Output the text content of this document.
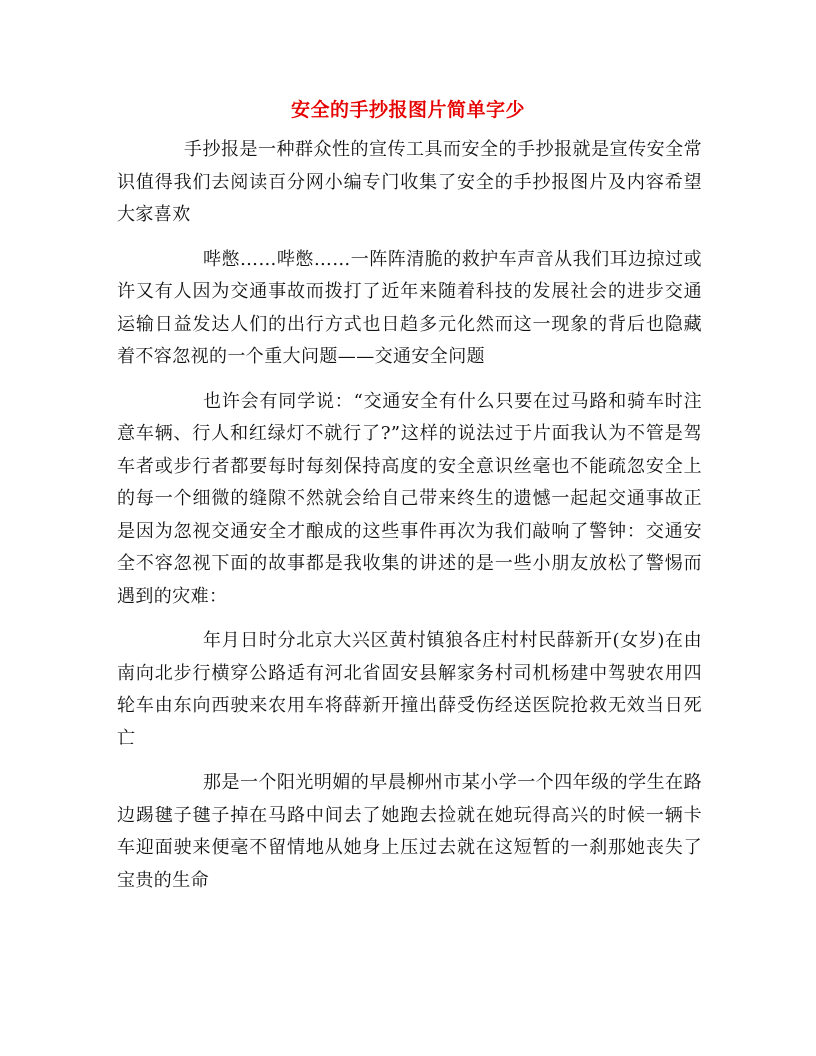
安全的手抄报图片简单字少

手抄报是一种群众性的宣传工具而安全的手抄报就是宣传安全常识值得我们去阅读百分网小编专门收集了安全的手抄报图片及内容希望大家喜欢

哔憋……哔憋……一阵阵清脆的救护车声音从我们耳边掠过或许又有人因为交通事故而拨打了近年来随着科技的发展社会的进步交通运输日益发达人们的出行方式也日趋多元化然而这一现象的背后也隐藏着不容忽视的一个重大问题——交通安全问题

也许会有同学说：“交通安全有什么只要在过马路和骑车时注意车辆、行人和红绿灯不就行了?”这样的说法过于片面我认为不管是驾车者或步行者都要每时每刻保持高度的安全意识丝毫也不能疏忽安全上的每一个细微的缝隙不然就会给自己带来终生的遗憾一起起交通事故正是因为忽视交通安全才酿成的这些事件再次为我们敲响了警钟：交通安全不容忽视下面的故事都是我收集的讲述的是一些小朋友放松了警惕而遇到的灾难：

年月日时分北京大兴区黄村镇狼各庄村村民薛新开(女岁)在由南向北步行横穿公路适有河北省固安县解家务村司机杨建中驾驶农用四轮车由东向西驶来农用车将薛新开撞出薛受伤经送医院抢救无效当日死亡

那是一个阳光明媚的早晨柳州市某小学一个四年级的学生在路边踢毽子毽子掉在马路中间去了她跑去捡就在她玩得高兴的时候一辆卡车迎面驶来便毫不留情地从她身上压过去就在这短暂的一刹那她丧失了宝贵的生命
